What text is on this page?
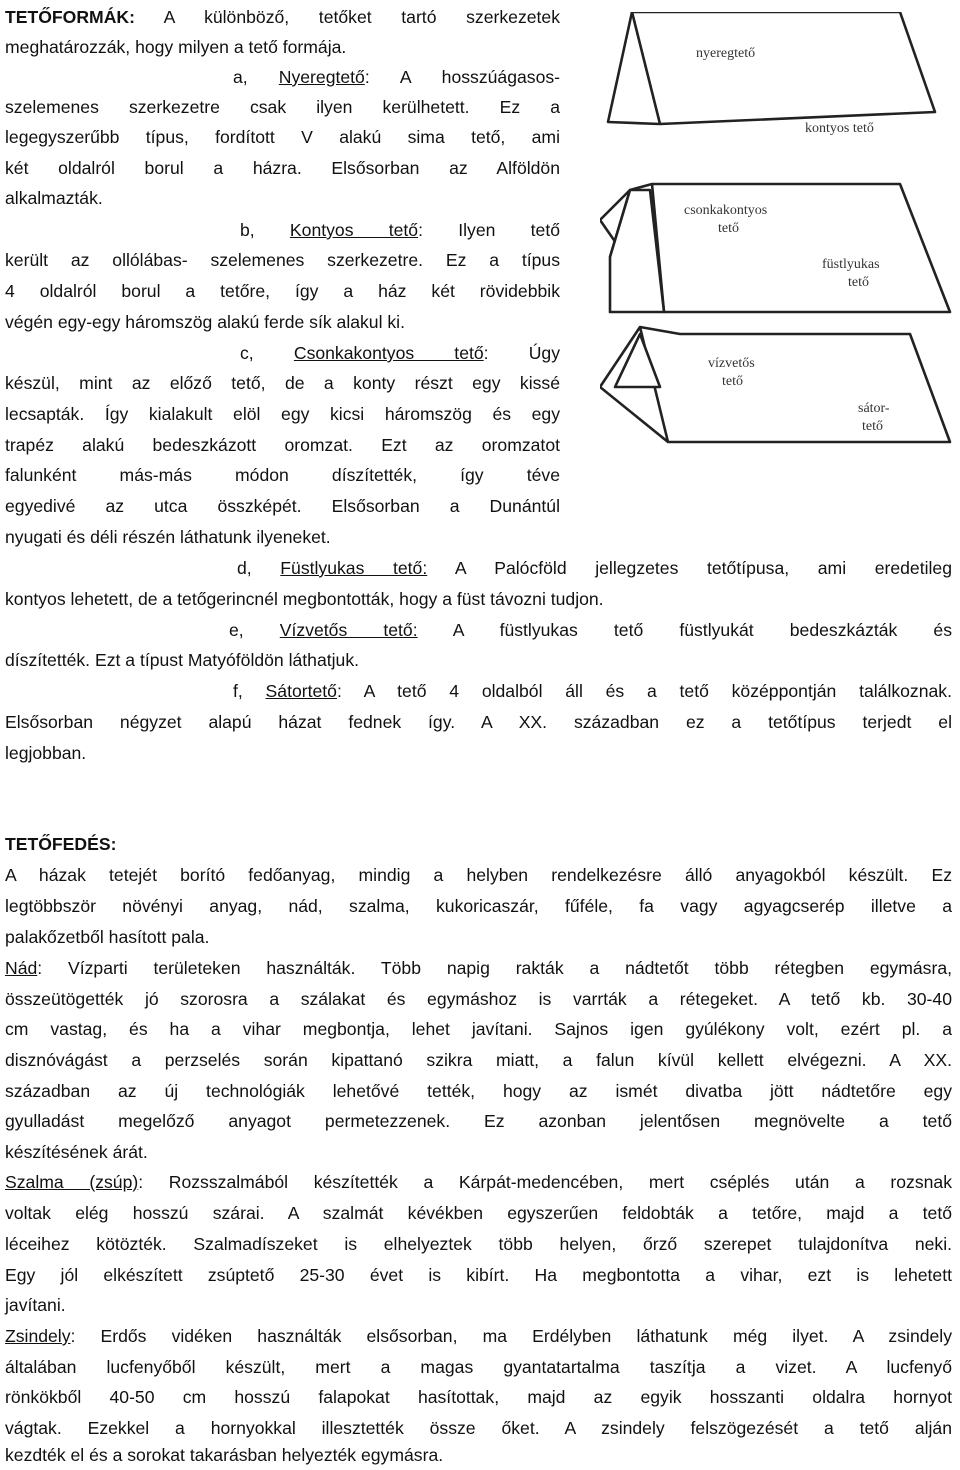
TETŐFORMÁK: A különböző, tetőket tartó szerkezetek
meghatározzák, hogy milyen a tető formája.
a, Nyeregtető: A hosszúágasos-
szelemenes szerkezetre csak ilyen kerülhetett. Ez a
legegyszerűbb típus, fordított V alakú sima tető, ami
két oldalról borul a házra. Elsősorban az Alföldön
alkalmazták.
b, Kontyos tető: Ilyen tető
került az ollólábas- szelemenes szerkezetre. Ez a típus
4 oldalról borul a tetőre, így a ház két rövidebbik
végén egy-egy háromszög alakú ferde sík alakul ki.
c, Csonkakontyos tető: Úgy
készül, mint az előző tető, de a konty részt egy kissé
lecsapták. Így kialakult elöl egy kicsi háromszög és egy
trapéz alakú bedeszkázott oromzat. Ezt az oromzatot
falunként más-más módon díszítették, így téve
egyedivé az utca összképét. Elsősorban a Dunántúl
nyugati és déli részén láthatunk ilyeneket.
d, Füstlyukas tető: A Palócföld jellegzetes tetőtípusa, ami eredetileg
kontyos lehetett, de a tetőgerincnél megbontották, hogy a füst távozni tudjon.
e, Vízvetős tető: A füstlyukas tető füstlyukát bedeszkázták és
díszítették. Ezt a típust Matyóföldön láthatjuk.
f, Sátortető: A tető 4 oldalból áll és a tető középpontján találkoznak.
Elsősorban négyzet alapú házat fednek így. A XX. században ez a tetőtípus terjedt el
legjobban.
nyeregtető
kontyos tető
csonkakontyos
tető
füstlyukas
tető
vízvetős
tető
sátor-
tető
TETŐFEDÉS:
A házak tetejét borító fedőanyag, mindig a helyben rendelkezésre álló anyagokból készült. Ez
legtöbbször növényi anyag, nád, szalma, kukoricaszár, fűféle, fa vagy agyagcserép illetve a
palakőzetből hasított pala.
Nád: Vízparti területeken használták. Több napig rakták a nádtetőt több rétegben egymásra,
összeütögették jó szorosra a szálakat és egymáshoz is varrták a rétegeket. A tető kb. 30-40
cm vastag, és ha a vihar megbontja, lehet javítani. Sajnos igen gyúlékony volt, ezért pl. a
disznóvágást a perzselés során kipattanó szikra miatt, a falun kívül kellett elvégezni. A XX.
században az új technológiák lehetővé tették, hogy az ismét divatba jött nádtetőre egy
gyulladást megelőző anyagot permetezzenek. Ez azonban jelentősen megnövelte a tető
készítésének árát.
Szalma (zsúp): Rozsszalmából készítették a Kárpát-medencében, mert cséplés után a rozsnak
voltak elég hosszú szárai. A szalmát kévékben egyszerűen feldobták a tetőre, majd a tető
léceihez kötözték. Szalmadíszeket is elhelyeztek több helyen, őrző szerepet tulajdonítva neki.
Egy jól elkészített zsúptető 25-30 évet is kibírt. Ha megbontotta a vihar, ezt is lehetett
javítani.
Zsindely: Erdős vidéken használták elsősorban, ma Erdélyben láthatunk még ilyet. A zsindely
általában lucfenyőből készült, mert a magas gyantatartalma taszítja a vizet. A lucfenyő
rönkökből 40-50 cm hosszú falapokat hasítottak, majd az egyik hosszanti oldalra hornyot
vágtak. Ezekkel a hornyokkal illesztették össze őket. A zsindely felszögezését a tető alján
kezdték el és a sorokat takarásban helyezték egymásra.
